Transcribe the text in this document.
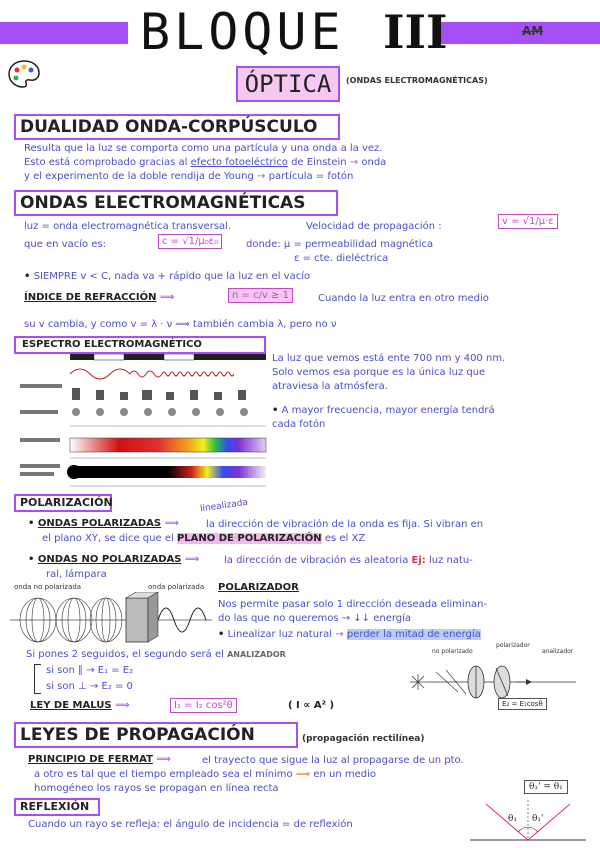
BLOQUE III	AM
ÓPTICA	(ONDAS ELECTROMAGNÉTICAS)
DUALIDAD ONDA-CORPÚSCULO
Resulta que la luz se comporta como una partícula y una onda a la vez.
Esto está comprobado gracias al efecto fotoeléctrico de Einstein → onda
y el experimento de la doble rendija de Young → partícula = fotón
ONDAS ELECTROMAGNÉTICAS
luz = onda electromagnética transversal.	Velocidad de propagación :	v = √1/μ·ε
que en vacío es:	c = √1/μ₀ε₀	donde: μ = permeabilidad magnética
ε = cte. dieléctrica
• SIEMPRE v < C, nada va + rápido que la luz en el vacío
ÍNDICE DE REFRACCIÓN ⟹	n = c/v ≥ 1	Cuando la luz entra en otro medio
su v cambia, y como v = λ · ν ⟹ también cambia λ, pero no ν
ESPECTRO ELECTROMAGNÉTICO
La luz que vemos está ente 700 nm y 400 nm.
Solo vemos esa porque es la única luz que
atraviesa la atmósfera.
• A mayor frecuencia, mayor energía tendrá
cada fotón
POLARIZACIÓN	linealizada
• ONDAS POLARIZADAS ⟹	la dirección de vibración de la onda es fija. Si vibran en
el plano XY, se dice que el PLANO DE POLARIZACIÓN es el XZ
• ONDAS NO POLARIZADAS ⟹ la dirección de vibración es aleatoria Ej: luz natu-
ral, lámpara
onda no polarizada	onda polarizada POLARIZADOR
Nos permite pasar solo 1 dirección deseada eliminan-
do las que no queremos → ↓↓ energía
• Linealizar luz natural → perder la mitad de energía
Si pones 2 seguidos, el segundo será el ANALIZADOR
si son ∥ → E₁ = E₂
si son ⊥ → E₂ = 0
LEY DE MALUS ⟹	I₁ = I₂ cos²θ	( I ∝ A² )
no polarizado
polarizador
analizador
E₂ = E₁cosθ
LEYES DE PROPAGACIÓN	(propagación rectilínea)
PRINCIPIO DE FERMAT ⟹	el trayecto que sigue la luz al propagarse de un pto.
a otro es tal que el tiempo empleado sea el mínimo ⟹ en un medio
homogéneo los rayos se propagan en línea recta
REFLEXIÓN
Cuando un rayo se refleja: el ángulo de incidencia = de reflexión
θ₁' = θ₁
θ₁ θ₁'
